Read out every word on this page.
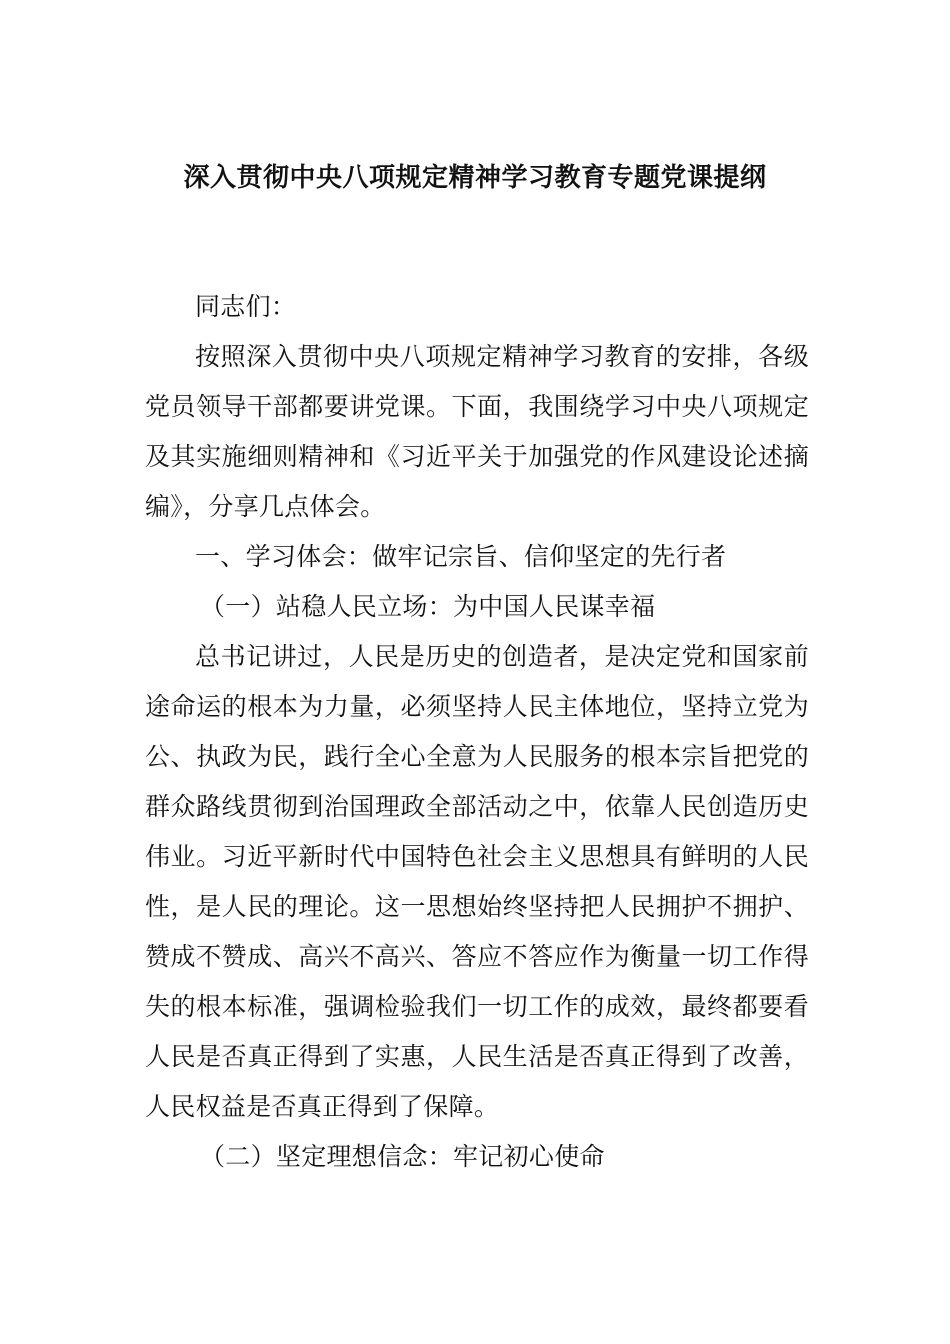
深入贯彻中央八项规定精神学习教育专题党课提纲

同志们：

按照深入贯彻中央八项规定精神学习教育的安排，各级党员领导干部都要讲党课。下面，我围绕学习中央八项规定及其实施细则精神和《习近平关于加强党的作风建设论述摘编》，分享几点体会。

一、学习体会：做牢记宗旨、信仰坚定的先行者

（一）站稳人民立场：为中国人民谋幸福

总书记讲过，人民是历史的创造者，是决定党和国家前途命运的根本为力量，必须坚持人民主体地位，坚持立党为公、执政为民，践行全心全意为人民服务的根本宗旨把党的群众路线贯彻到治国理政全部活动之中，依靠人民创造历史伟业。习近平新时代中国特色社会主义思想具有鲜明的人民性，是人民的理论。这一思想始终坚持把人民拥护不拥护、赞成不赞成、高兴不高兴、答应不答应作为衡量一切工作得失的根本标准，强调检验我们一切工作的成效，最终都要看人民是否真正得到了实惠，人民生活是否真正得到了改善，人民权益是否真正得到了保障。

（二）坚定理想信念：牢记初心使命
